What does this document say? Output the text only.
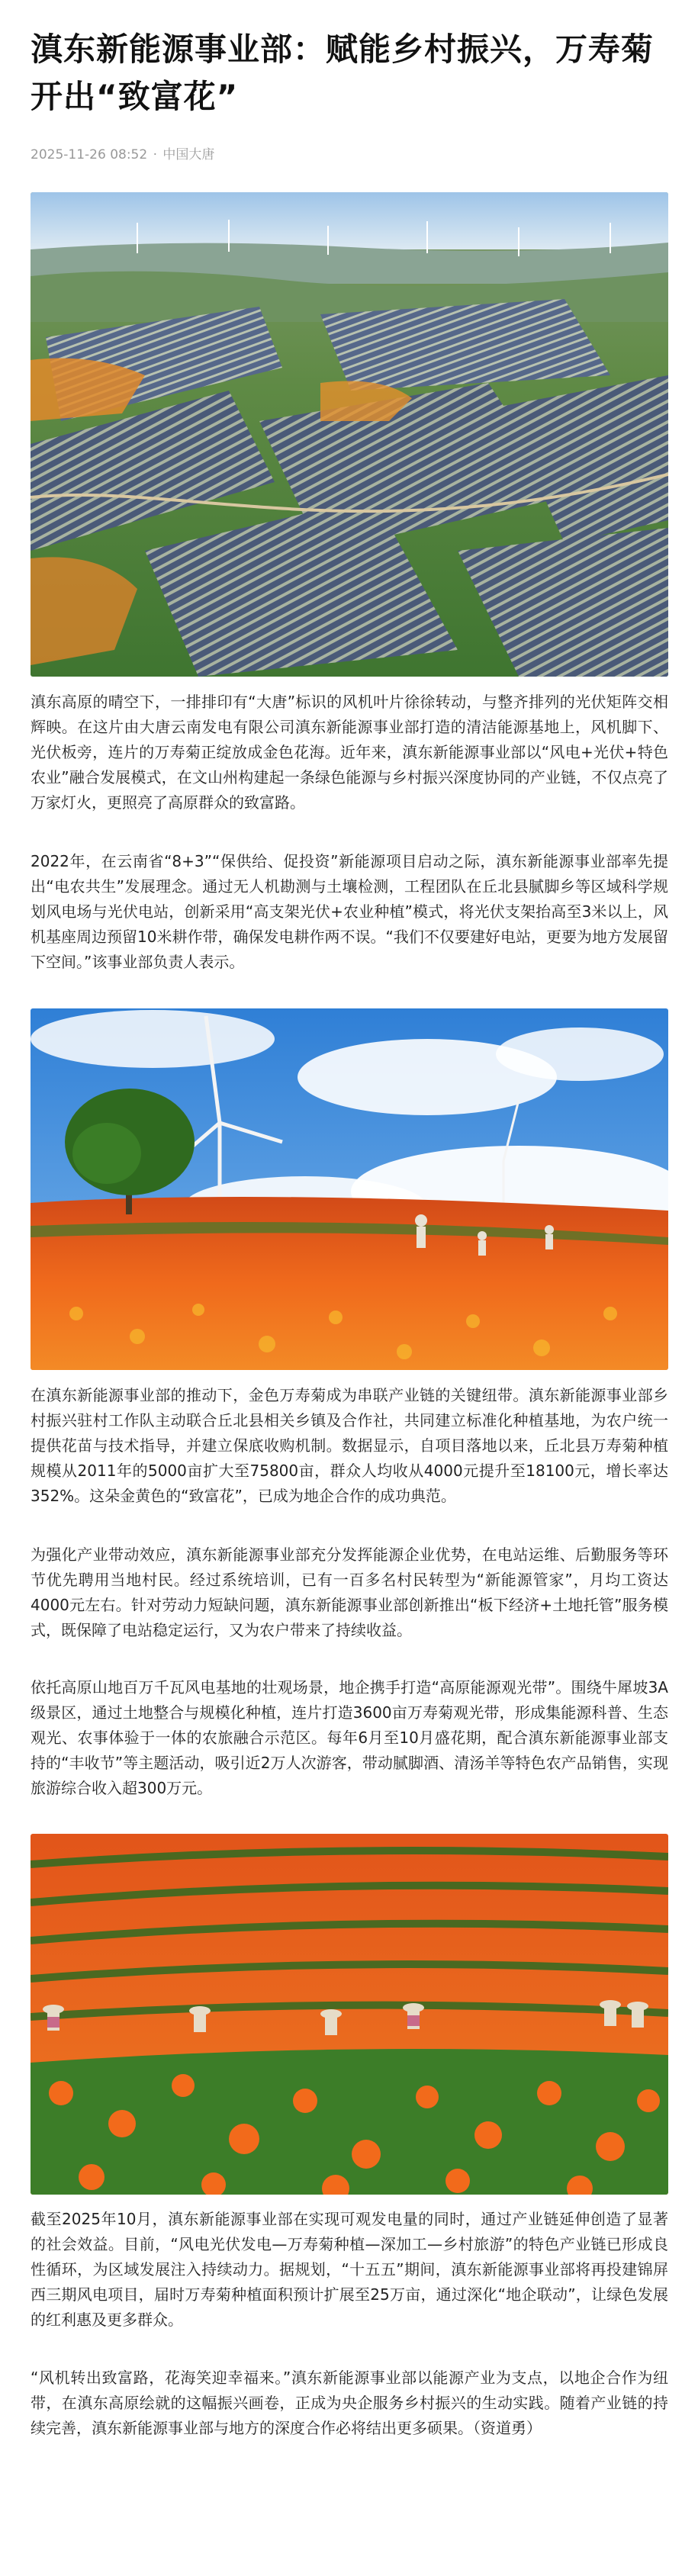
滇东新能源事业部：赋能乡村振兴，万寿菊开出“致富花”
2025-11-26 08:52 · 中国大唐

滇东高原的晴空下，一排排印有“大唐”标识的风机叶片徐徐转动，与整齐排列的光伏矩阵交相辉映。在这片由大唐云南发电有限公司滇东新能源事业部打造的清洁能源基地上，风机脚下、光伏板旁，连片的万寿菊正绽放成金色花海。近年来，滇东新能源事业部以“风电+光伏+特色农业”融合发展模式，在文山州构建起一条绿色能源与乡村振兴深度协同的产业链，不仅点亮了万家灯火，更照亮了高原群众的致富路。

2022年，在云南省“8+3”“保供给、促投资”新能源项目启动之际，滇东新能源事业部率先提出“电农共生”发展理念。通过无人机勘测与土壤检测，工程团队在丘北县腻脚乡等区域科学规划风电场与光伏电站，创新采用“高支架光伏+农业种植”模式，将光伏支架抬高至3米以上，风机基座周边预留10米耕作带，确保发电耕作两不误。“我们不仅要建好电站，更要为地方发展留下空间。”该事业部负责人表示。

在滇东新能源事业部的推动下，金色万寿菊成为串联产业链的关键纽带。滇东新能源事业部乡村振兴驻村工作队主动联合丘北县相关乡镇及合作社，共同建立标准化种植基地，为农户统一提供花苗与技术指导，并建立保底收购机制。数据显示，自项目落地以来，丘北县万寿菊种植规模从2011年的5000亩扩大至75800亩，群众人均收从4000元提升至18100元，增长率达352%。这朵金黄色的“致富花”，已成为地企合作的成功典范。

为强化产业带动效应，滇东新能源事业部充分发挥能源企业优势，在电站运维、后勤服务等环节优先聘用当地村民。经过系统培训，已有一百多名村民转型为“新能源管家”，月均工资达4000元左右。针对劳动力短缺问题，滇东新能源事业部创新推出“板下经济+土地托管”服务模式，既保障了电站稳定运行，又为农户带来了持续收益。

依托高原山地百万千瓦风电基地的壮观场景，地企携手打造“高原能源观光带”。围绕牛犀坡3A级景区，通过土地整合与规模化种植，连片打造3600亩万寿菊观光带，形成集能源科普、生态观光、农事体验于一体的农旅融合示范区。每年6月至10月盛花期，配合滇东新能源事业部支持的“丰收节”等主题活动，吸引近2万人次游客，带动腻脚酒、清汤羊等特色农产品销售，实现旅游综合收入超300万元。

截至2025年10月，滇东新能源事业部在实现可观发电量的同时，通过产业链延伸创造了显著的社会效益。目前，“风电光伏发电—万寿菊种植—深加工—乡村旅游”的特色产业链已形成良性循环，为区域发展注入持续动力。据规划，“十五五”期间，滇东新能源事业部将再投建锦屏西三期风电项目，届时万寿菊种植面积预计扩展至25万亩，通过深化“地企联动”，让绿色发展的红利惠及更多群众。

“风机转出致富路，花海笑迎幸福来。”滇东新能源事业部以能源产业为支点，以地企合作为纽带，在滇东高原绘就的这幅振兴画卷，正成为央企服务乡村振兴的生动实践。随着产业链的持续完善，滇东新能源事业部与地方的深度合作必将结出更多硕果。（资道勇）
